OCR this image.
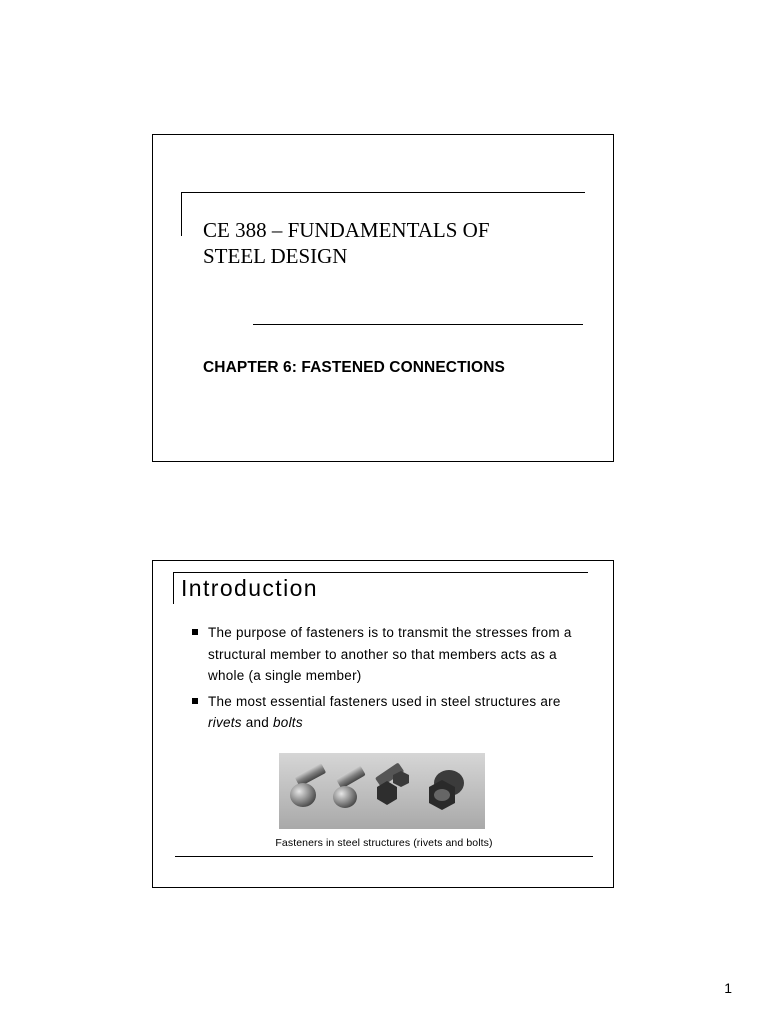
CE 388 – FUNDAMENTALS OF
STEEL DESIGN

CHAPTER 6: FASTENED CONNECTIONS

Introduction
The purpose of fasteners is to transmit the stresses from a structural member to another so that members acts as a whole (a single member)
The most essential fasteners used in steel structures are rivets and bolts

Fasteners in steel structures (rivets and bolts)

1
